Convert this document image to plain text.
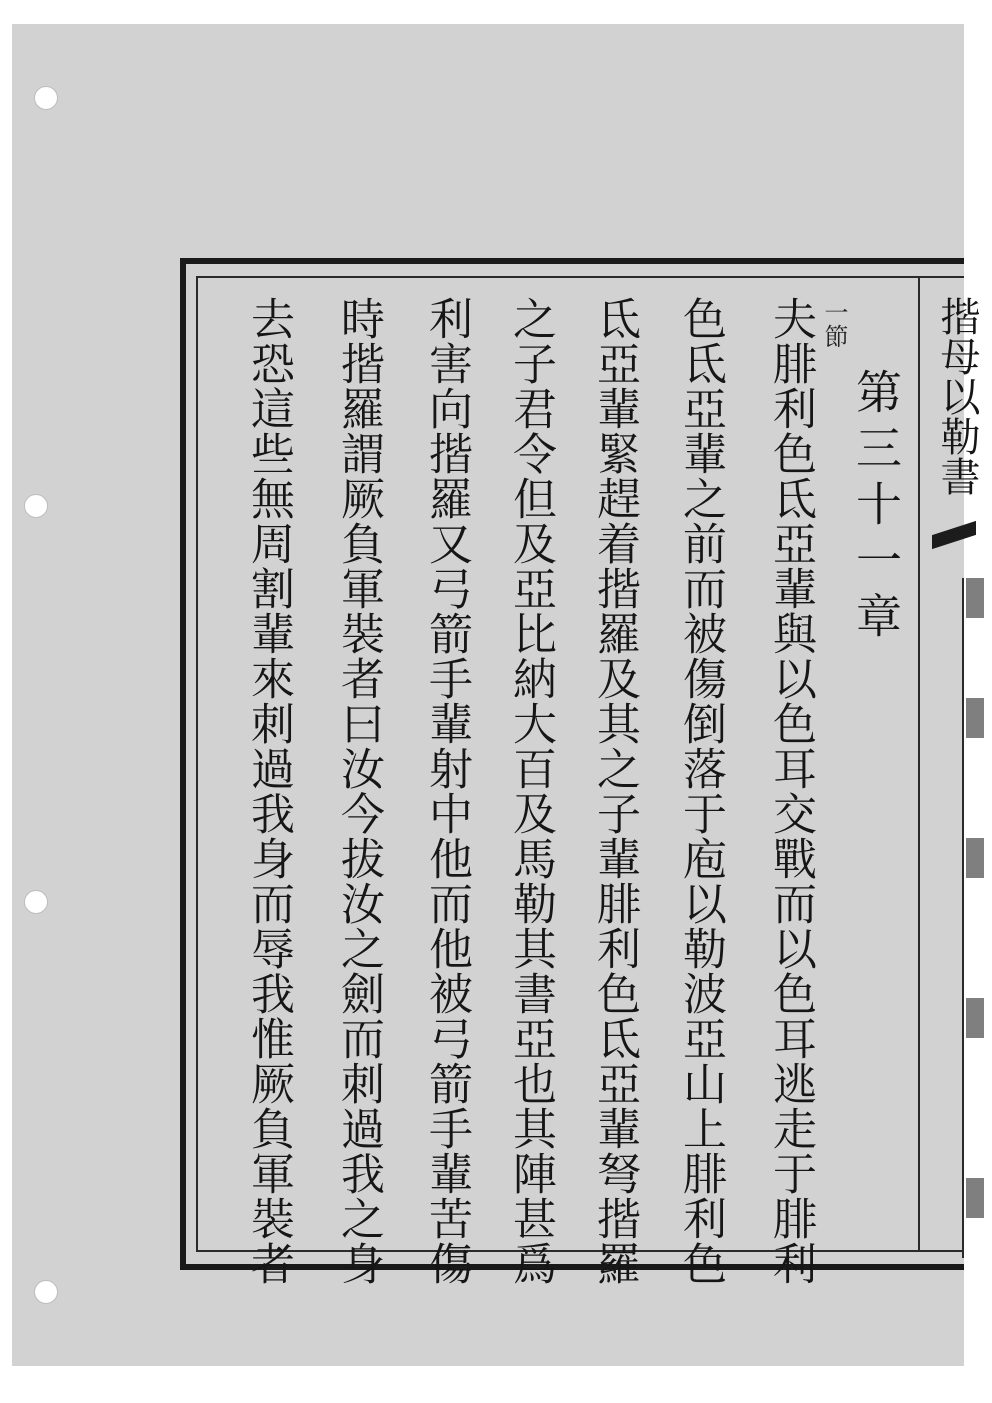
揩母以勒書
第三十一章
一節
夫腓利色氐亞輩與以色耳交戰而以色耳逃走于腓利
色氐亞輩之前而被傷倒落于庖以勒波亞山上腓利色
氐亞輩緊趕着揩羅及其之子輩腓利色氐亞輩弩揩羅
之子君令但及亞比納大百及馬勒其書亞也其陣甚爲
利害向揩羅又弓箭手輩射中他而他被弓箭手輩苦傷
時揩羅謂厥負軍裝者曰汝今拔汝之劍而刺過我之身
去恐這些無周割輩來刺過我身而辱我惟厥負軍裝者
